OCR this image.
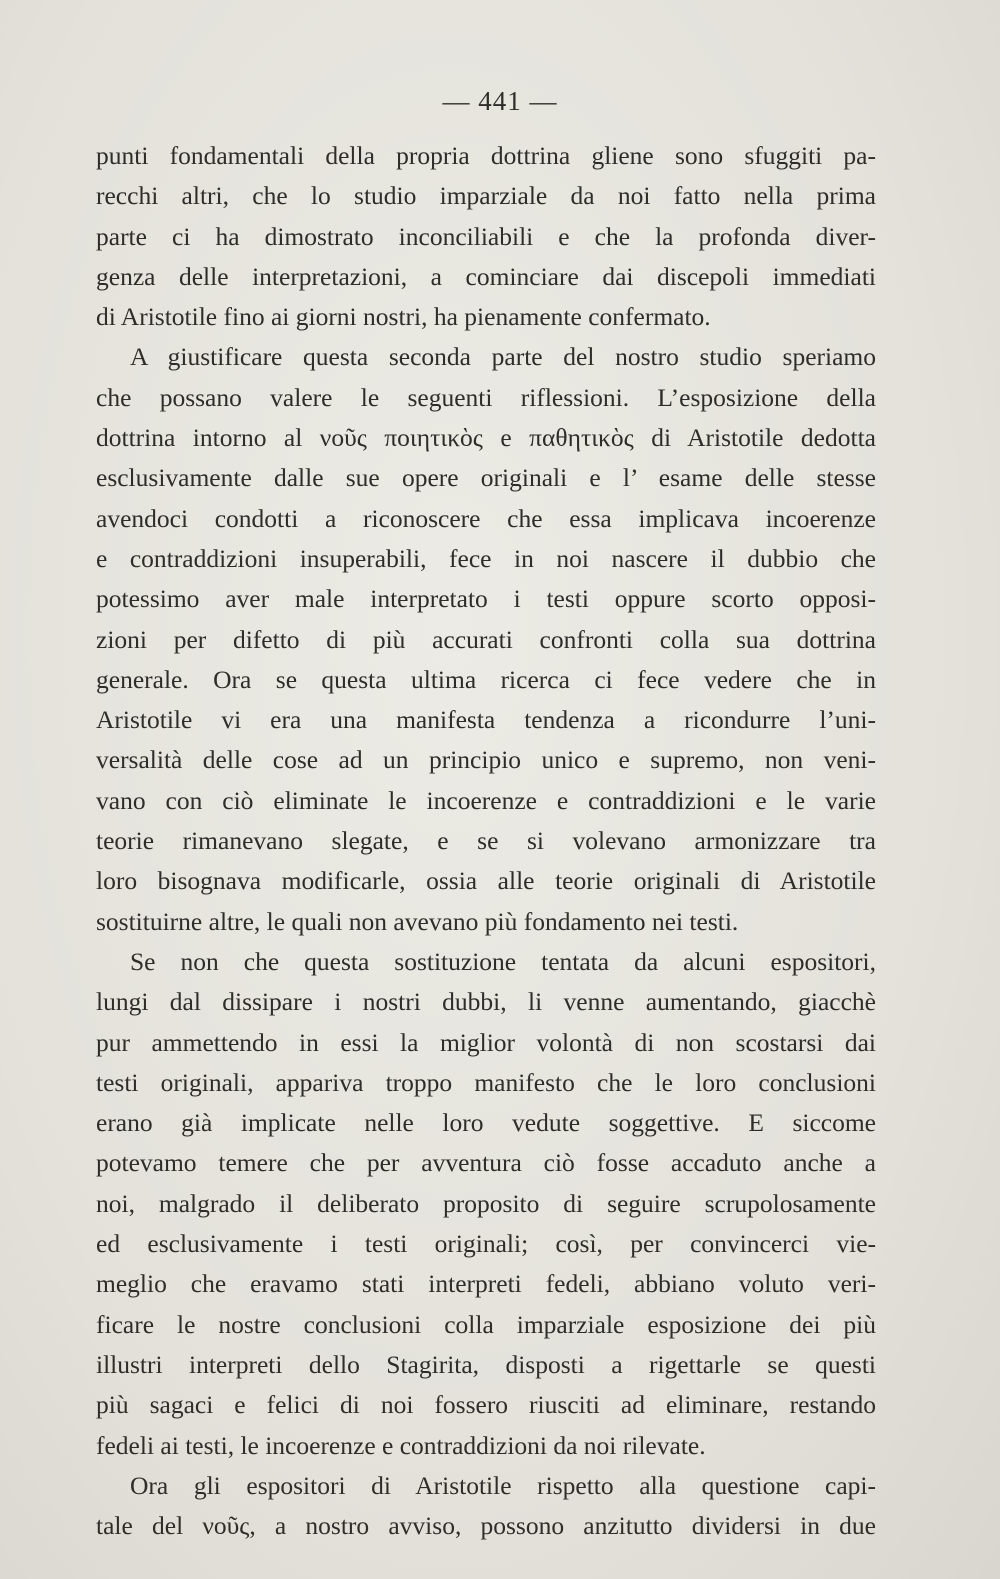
— 441 —
punti fondamentali della propria dottrina gliene sono sfuggiti pa-
recchi altri, che lo studio imparziale da noi fatto nella prima
parte ci ha dimostrato inconciliabili e che la profonda diver-
genza delle interpretazioni, a cominciare dai discepoli immediati
di Aristotile fino ai giorni nostri, ha pienamente confermato.
A giustificare questa seconda parte del nostro studio speriamo
che possano valere le seguenti riflessioni. L’esposizione della
dottrina intorno al νοῦς ποιητικὸς e παθητικὸς di Aristotile dedotta
esclusivamente dalle sue opere originali e l’ esame delle stesse
avendoci condotti a riconoscere che essa implicava incoerenze
e contraddizioni insuperabili, fece in noi nascere il dubbio che
potessimo aver male interpretato i testi oppure scorto opposi-
zioni per difetto di più accurati confronti colla sua dottrina
generale. Ora se questa ultima ricerca ci fece vedere che in
Aristotile vi era una manifesta tendenza a ricondurre l’uni-
versalità delle cose ad un principio unico e supremo, non veni-
vano con ciò eliminate le incoerenze e contraddizioni e le varie
teorie rimanevano slegate, e se si volevano armonizzare tra
loro bisognava modificarle, ossia alle teorie originali di Aristotile
sostituirne altre, le quali non avevano più fondamento nei testi.
Se non che questa sostituzione tentata da alcuni espositori,
lungi dal dissipare i nostri dubbi, li venne aumentando, giacchè
pur ammettendo in essi la miglior volontà di non scostarsi dai
testi originali, appariva troppo manifesto che le loro conclusioni
erano già implicate nelle loro vedute soggettive. E siccome
potevamo temere che per avventura ciò fosse accaduto anche a
noi, malgrado il deliberato proposito di seguire scrupolosamente
ed esclusivamente i testi originali; così, per convincerci vie-
meglio che eravamo stati interpreti fedeli, abbiano voluto veri-
ficare le nostre conclusioni colla imparziale esposizione dei più
illustri interpreti dello Stagirita, disposti a rigettarle se questi
più sagaci e felici di noi fossero riusciti ad eliminare, restando
fedeli ai testi, le incoerenze e contraddizioni da noi rilevate.
Ora gli espositori di Aristotile rispetto alla questione capi-
tale del νοῦς, a nostro avviso, possono anzitutto dividersi in due
